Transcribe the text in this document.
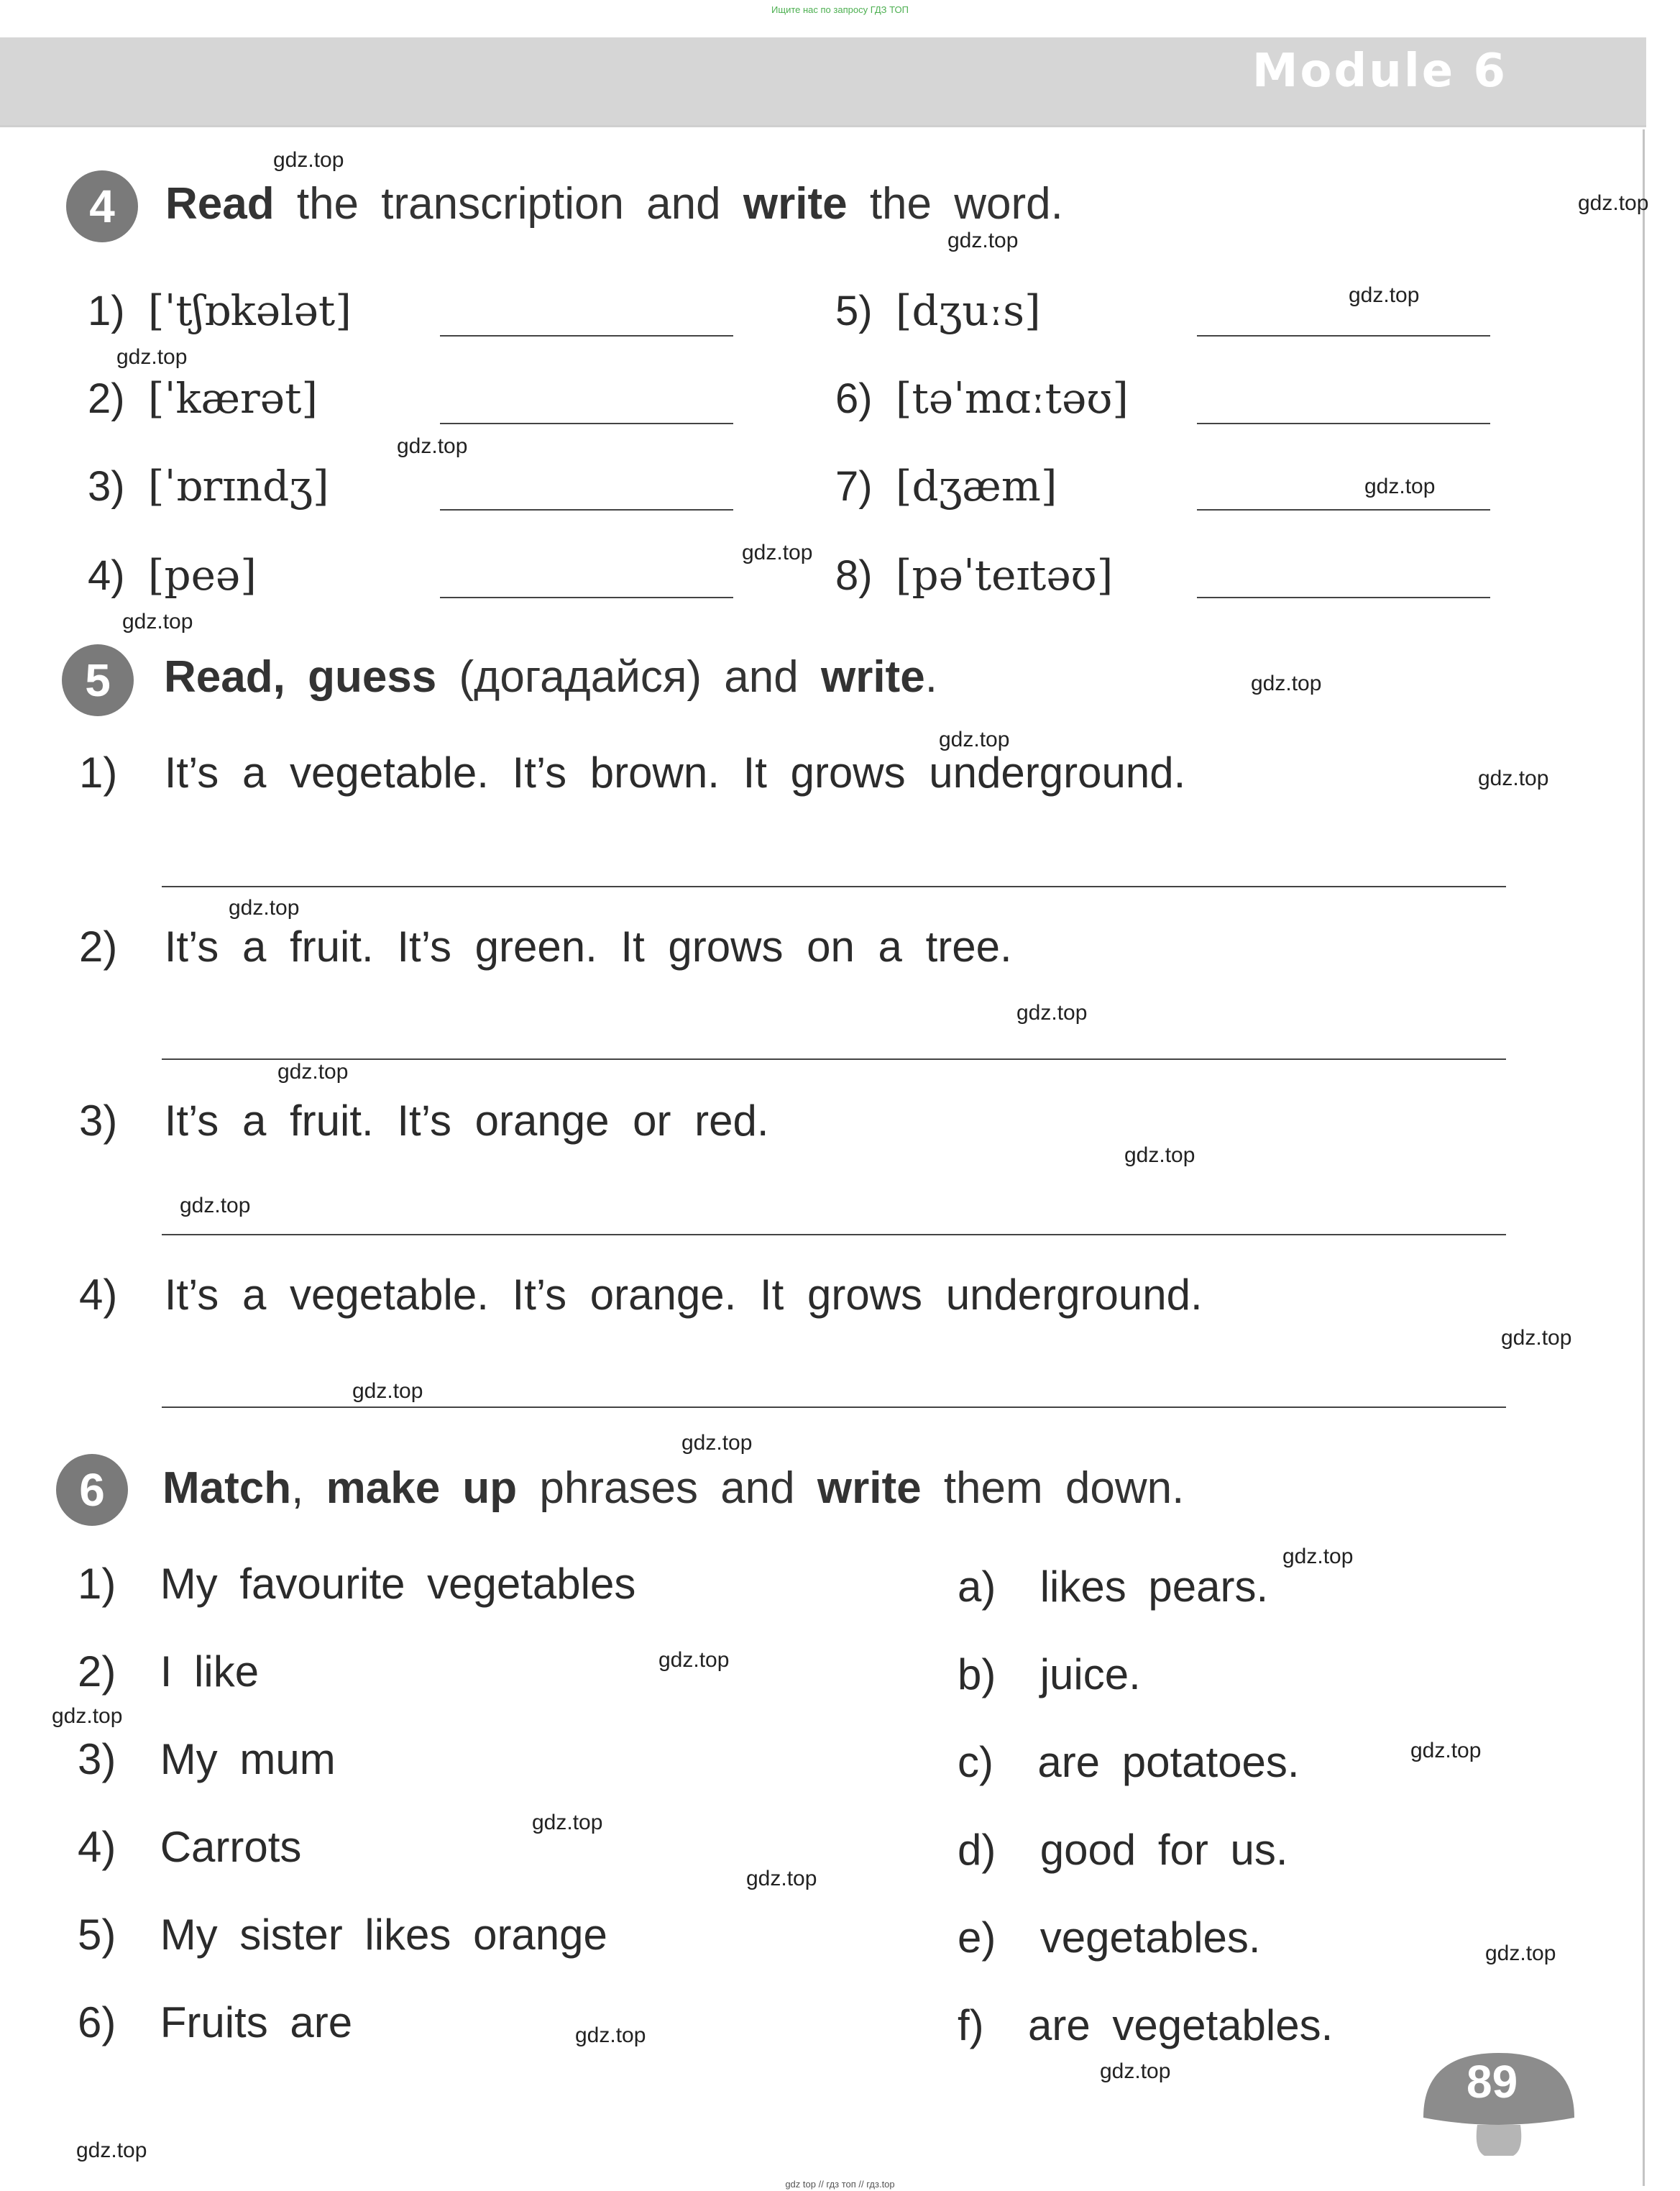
Ищите нас по запросу ГДЗ ТОП
Module 6
4	Read the transcription and write the word.
1) [ˈtʃɒkələt]
2) [ˈkærət]
3) [ˈɒrɪndʒ]
4) [peə]
5) [dʒuːs]
6) [təˈmɑːtəʊ]
7) [dʒæm]
8) [pəˈteɪtəʊ]
5	Read, guess (догадайся) and write.
1) It’s a vegetable. It’s brown. It grows underground.
2) It’s a fruit. It’s green. It grows on a tree.
3) It’s a fruit. It’s orange or red.
4) It’s a vegetable. It’s orange. It grows underground.
6	Match, make up phrases and write them down.
1) My favourite vegetables
2) I like
3) My mum
4) Carrots
5) My sister likes orange
6) Fruits are
a) likes pears.
b) juice.
c) are potatoes.
d) good for us.
e) vegetables.
f) are vegetables.
89
gdz.top
gdz.top
gdz.top
gdz.top
gdz.top
gdz.top
gdz.top
gdz.top
gdz.top
gdz.top
gdz.top
gdz.top
gdz.top
gdz.top
gdz.top
gdz.top
gdz.top
gdz.top
gdz.top
gdz.top
gdz.top
gdz.top
gdz.top
gdz.top
gdz.top
gdz.top
gdz.top
gdz.top
gdz.top
gdz.top
gdz top // гдз топ // гдз.top
